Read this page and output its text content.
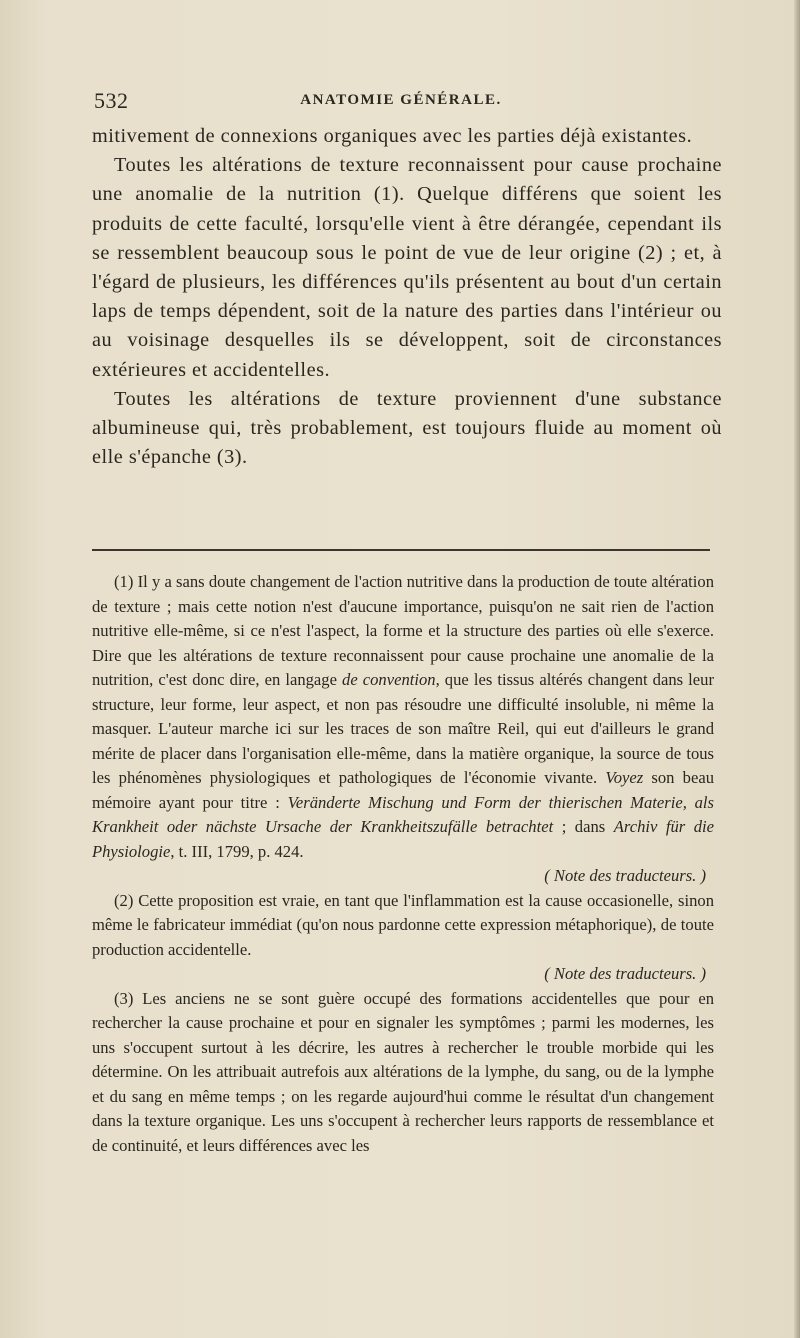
532	ANATOMIE GÉNÉRALE.

mitivement de connexions organiques avec les parties déjà existantes.

Toutes les altérations de texture reconnaissent pour cause prochaine une anomalie de la nutrition (1). Quelque différens que soient les produits de cette faculté, lorsqu'elle vient à être dérangée, cependant ils se ressemblent beaucoup sous le point de vue de leur origine (2) ; et, à l'égard de plusieurs, les différences qu'ils présentent au bout d'un certain laps de temps dépendent, soit de la nature des parties dans l'intérieur ou au voisinage desquelles ils se développent, soit de circonstances extérieures et accidentelles.

Toutes les altérations de texture proviennent d'une substance albumineuse qui, très probablement, est toujours fluide au moment où elle s'épanche (3).

(1) Il y a sans doute changement de l'action nutritive dans la production de toute altération de texture ; mais cette notion n'est d'aucune importance, puisqu'on ne sait rien de l'action nutritive elle-même, si ce n'est l'aspect, la forme et la structure des parties où elle s'exerce. Dire que les altérations de texture reconnaissent pour cause prochaine une anomalie de la nutrition, c'est donc dire, en langage de convention, que les tissus altérés changent dans leur structure, leur forme, leur aspect, et non pas résoudre une difficulté insoluble, ni même la masquer. L'auteur marche ici sur les traces de son maître Reil, qui eut d'ailleurs le grand mérite de placer dans l'organisation elle-même, dans la matière organique, la source de tous les phénomènes physiologiques et pathologiques de l'économie vivante. Voyez son beau mémoire ayant pour titre : Veränderte Mischung und Form der thierischen Materie, als Krankheit oder nächste Ursache der Krankheitszufälle betrachtet ; dans Archiv für die Physiologie, t. III, 1799, p. 424.

( Note des traducteurs. )

(2) Cette proposition est vraie, en tant que l'inflammation est la cause occasionelle, sinon même le fabricateur immédiat (qu'on nous pardonne cette expression métaphorique), de toute production accidentelle.

( Note des traducteurs. )

(3) Les anciens ne se sont guère occupé des formations accidentelles que pour en rechercher la cause prochaine et pour en signaler les symptômes ; parmi les modernes, les uns s'occupent surtout à les décrire, les autres à rechercher le trouble morbide qui les détermine. On les attribuait autrefois aux altérations de la lymphe, du sang, ou de la lymphe et du sang en même temps ; on les regarde aujourd'hui comme le résultat d'un changement dans la texture organique. Les uns s'occupent à rechercher leurs rapports de ressemblance et de continuité, et leurs différences avec les
